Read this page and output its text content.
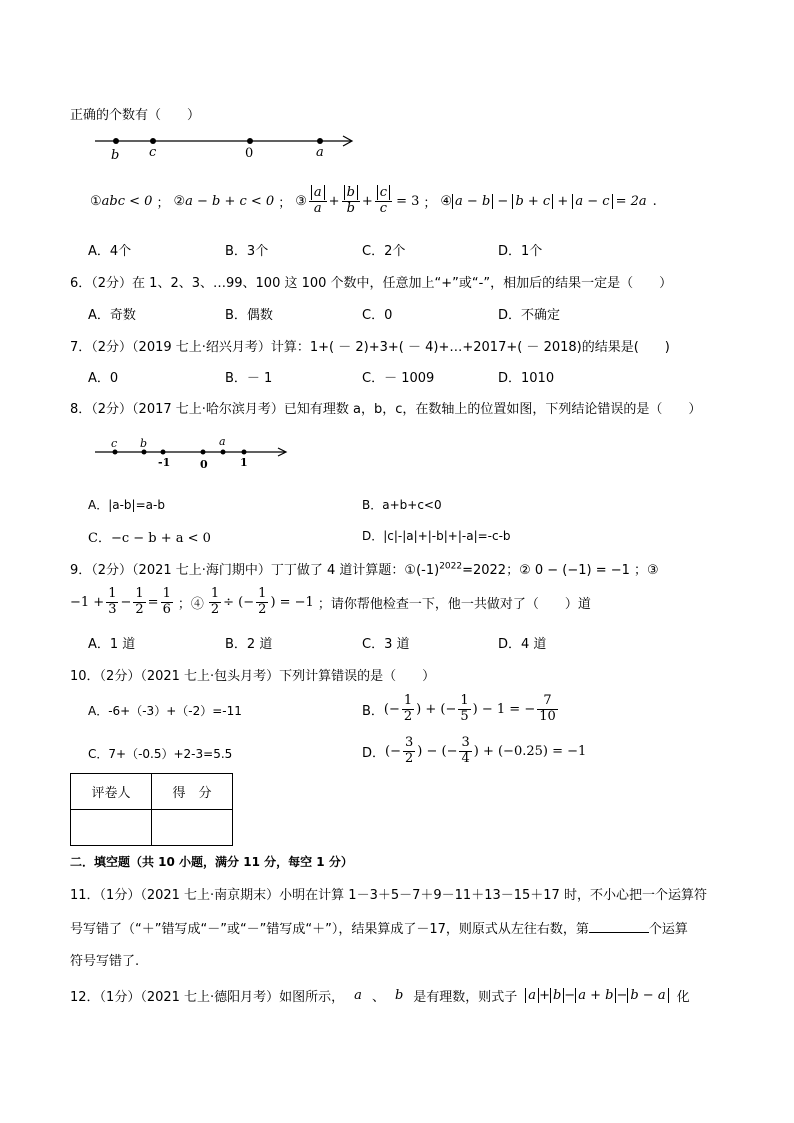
正确的个数有（　　）
b c	0	a
① abc < 0 ； ② a − b + c < 0 ； ③ $\frac{a}{a} + \frac{b}{b} + \frac{c}{c} = 3$ ； ④ a − b − b + c + a − c = 2a .
A．4个	B．3个	C．2个	D．1个
6．（2分）在 1、2、3、…99、100 这 100 个数中，任意加上“+”或“-”，相加后的结果一定是（　　）
A．奇数	B．偶数	C．0	D．不确定
7．（2分）（2019 七上·绍兴月考）计算：1+( － 2)+3+( － 4)+…+2017+( － 2018)的结果是(　　)
A．0	B．－ 1	C．－ 1009	D．1010
8．（2分）（2017 七上·哈尔滨月考）已知有理数 a，b，c，在数轴上的位置如图，下列结论错误的是（　　）
c b
-1	0
a
1
A．|a-b|=a-b	B．a+b+c<0
C．−c − b + a < 0	D．|c|-|a|+|-b|+|-a|=-c-b
9．（2分）（2021 七上·海门期中）丁丁做了 4 道计算题：$①(-1)^{2022}=2022$；② 0 − (−1) = −1 ；③
$-1 + \frac{1}{3} - \frac{1}{2} = \frac{1}{6}$ ；④ $\frac{1}{2}$ ÷ (− $\frac{1}{2}$ ) = −1 ；请你帮他检查一下，他一共做对了（　　）道
A．1 道	B．2 道	C．3 道	D．4 道
10．（2分）（2021 七上·包头月考）下列计算错误的是（　　）
A．-6+（-3）+（-2）=-11	B． (− $\frac{1}{2}$ ) + (− $\frac{1}{5}$ ) − 1 = − $\frac{7}{10}$
C．7+（-0.5）+2-3=5.5	D． (− $\frac{3}{2}$ ) − (− $\frac{3}{4}$ ) + (−0.25) = −1
评卷人	得　分

二．填空题（共 10 小题，满分 11 分，每空 1 分）
11．（1分）（2021 七上·南京期末）小明在计算 1－3＋5－7＋9－11＋13－15＋17 时，不小心把一个运算符
号写错了（“＋”错写成“－”或“－”错写成“＋”），结果算成了－17，则原式从左往右数，第	个运算
符号写错了.
12．（1分）（2021 七上·德阳月考）如图所示， a 、 b 是有理数，则式子 a + b − a + b − b − a 化
